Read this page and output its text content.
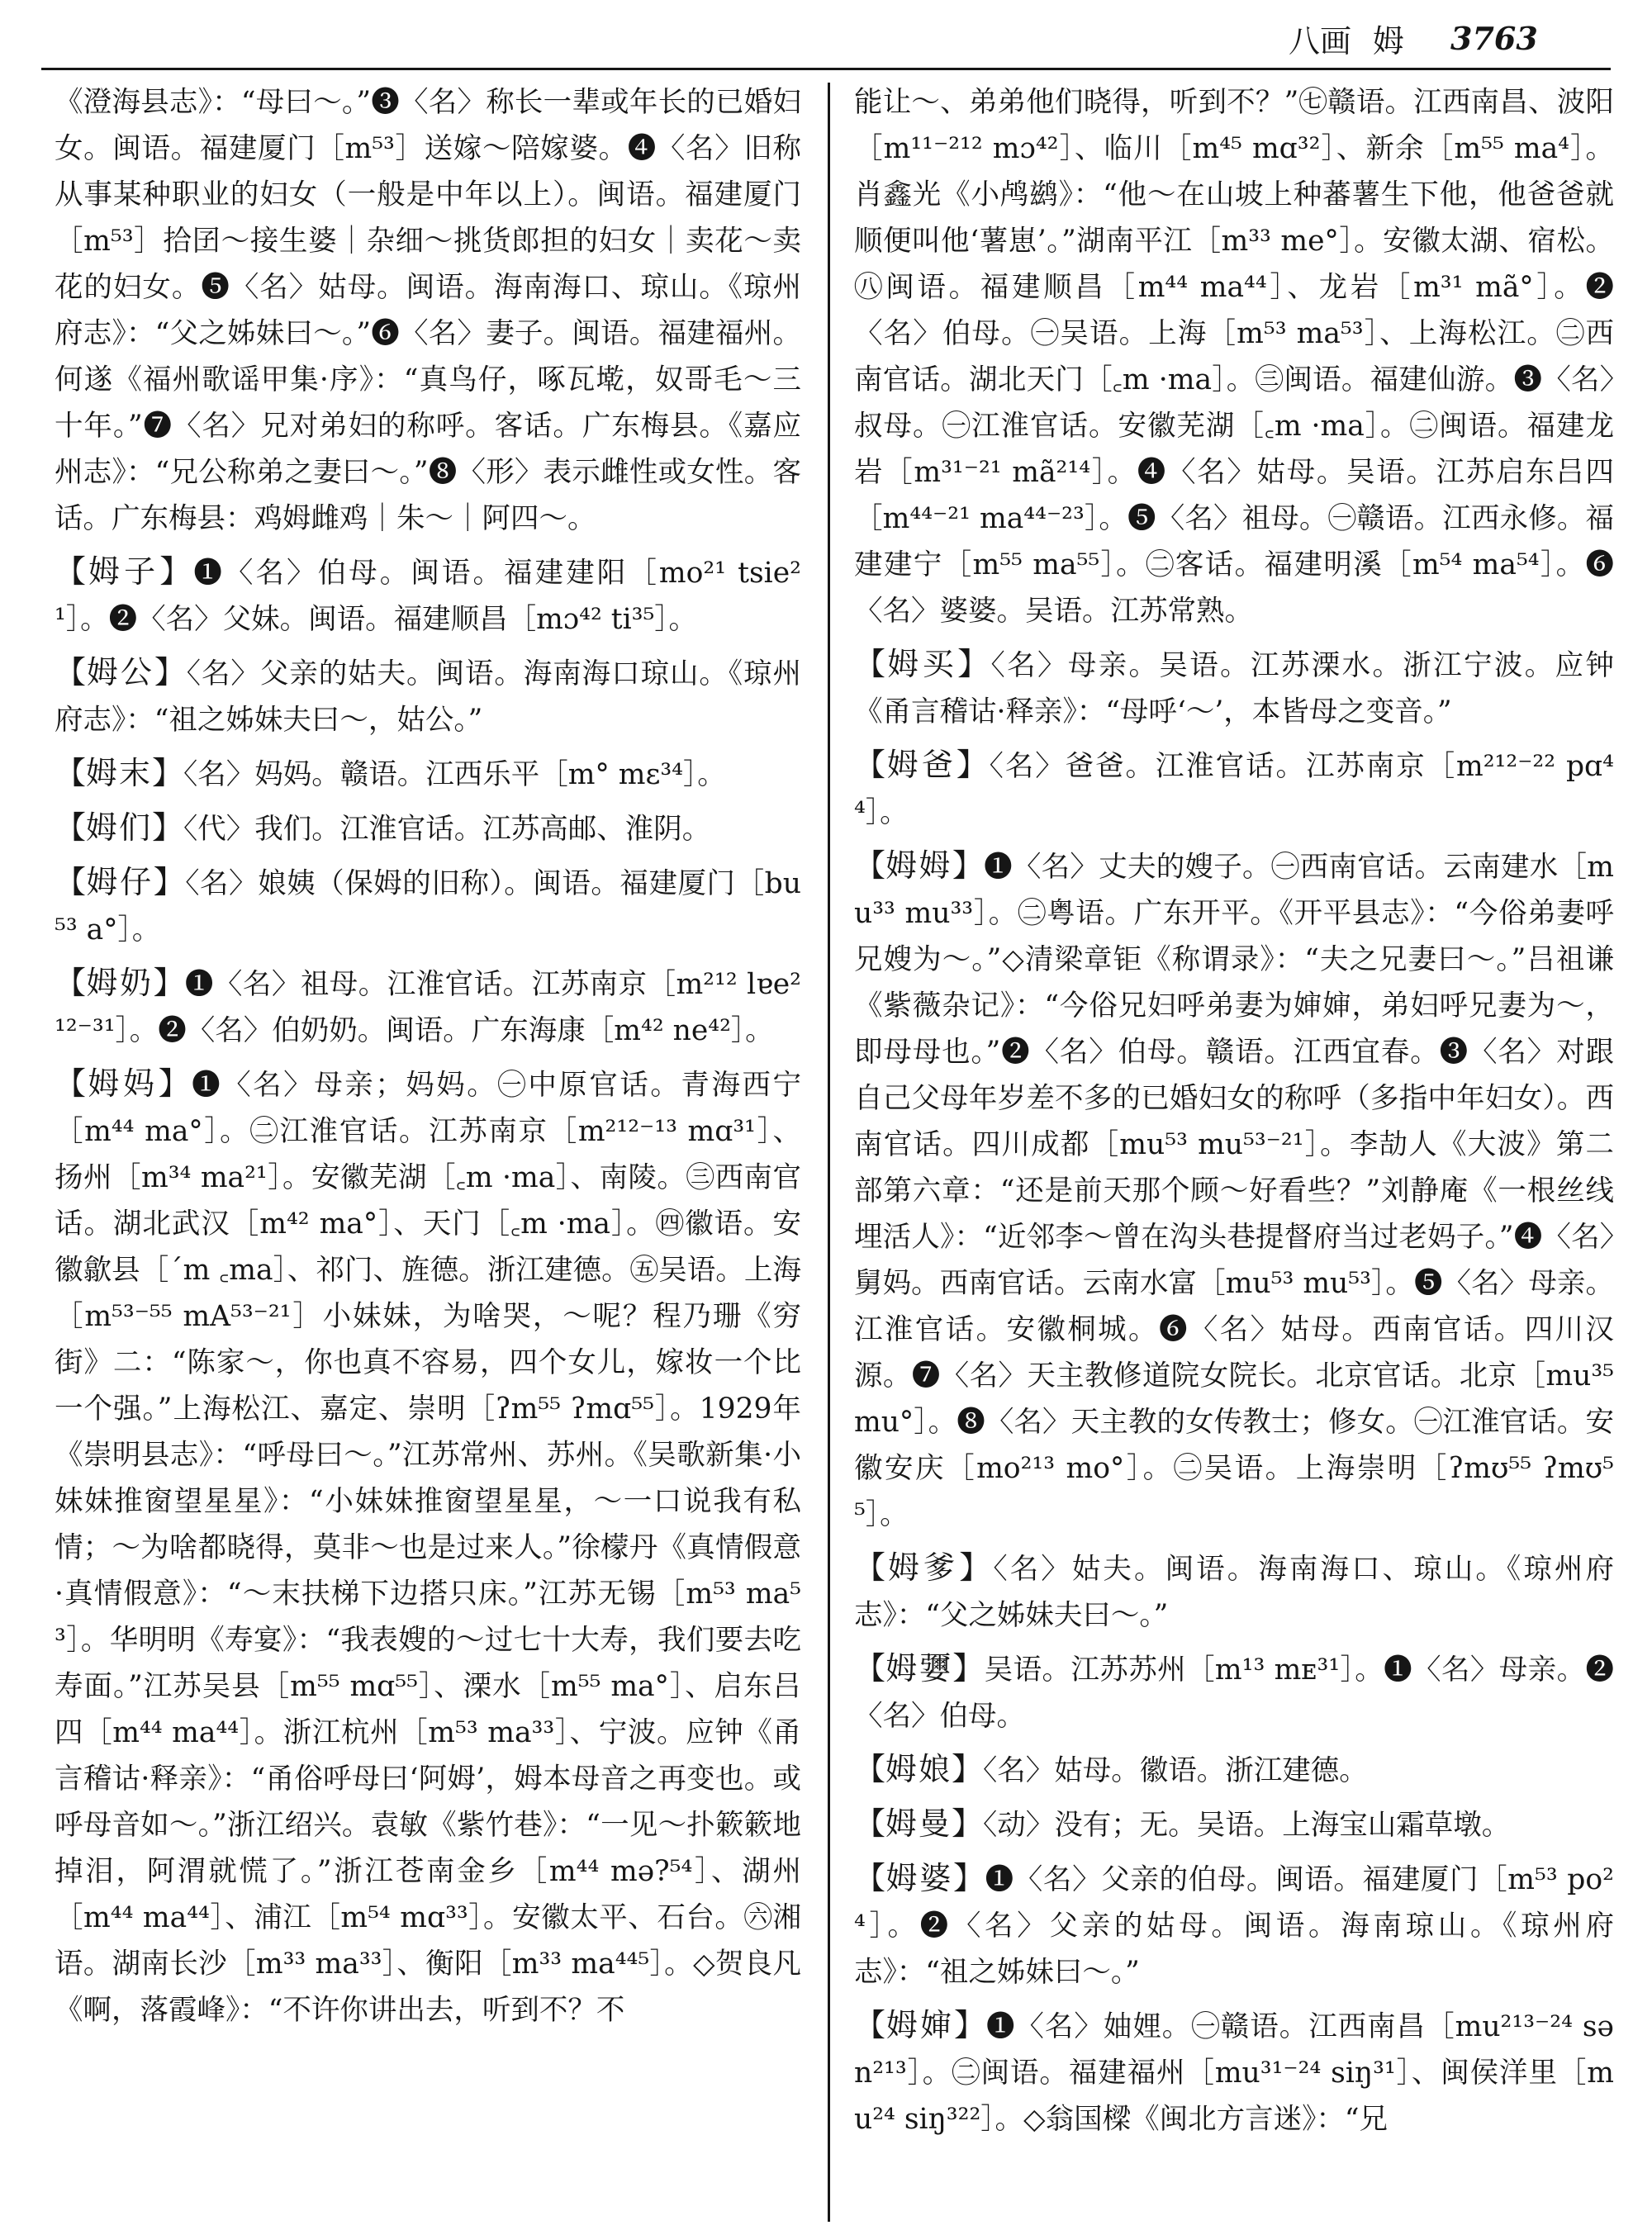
八画 姆 3763
《澄海县志》：“母曰～。”❸〈名〉称长一辈或年长的已婚妇女。闽语。福建厦门［m⁵³］送嫁～陪嫁婆。❹〈名〉旧称从事某种职业的妇女（一般是中年以上）。闽语。福建厦门［m⁵³］拾囝～接生婆｜杂细～挑货郎担的妇女｜卖花～卖花的妇女。❺〈名〉姑母。闽语。海南海口、琼山。《琼州府志》：“父之姊妹曰～。”❻〈名〉妻子。闽语。福建福州。何遂《福州歌谣甲集·序》：“真鸟仔，啄瓦墘，奴哥毛～三十年。”❼〈名〉兄对弟妇的称呼。客话。广东梅县。《嘉应州志》：“兄公称弟之妻曰～。”❽〈形〉表示雌性或女性。客话。广东梅县：鸡姆雌鸡｜朱～｜阿四～。
【姆子】❶〈名〉伯母。闽语。福建建阳［mo²¹ tsie²¹］。❷〈名〉父妹。闽语。福建顺昌［mɔ⁴² ti³⁵］。
【姆公】〈名〉父亲的姑夫。闽语。海南海口琼山。《琼州府志》：“祖之姊妹夫曰～，姑公。”
【姆末】〈名〉妈妈。赣语。江西乐平［m° mɛ³⁴］。
【姆们】〈代〉我们。江淮官话。江苏高邮、淮阴。
【姆仔】〈名〉娘姨（保姆的旧称）。闽语。福建厦门［bu⁵³ a°］。
【姆奶】❶〈名〉祖母。江淮官话。江苏南京［m²¹² lɐe²¹²⁻³¹］。❷〈名〉伯奶奶。闽语。广东海康［m⁴² ne⁴²］。
【姆妈】❶〈名〉母亲；妈妈。㊀中原官话。青海西宁［m⁴⁴ ma°］。㊁江淮官话。江苏南京［m²¹²⁻¹³ mɑ³¹］、扬州［m³⁴ ma²¹］。安徽芜湖［꜀m ·ma］、南陵。㊂西南官话。湖北武汉［m⁴² ma°］、天门［꜀m ·ma］。㊃徽语。安徽歙县［ˊm ꜀ma］、祁门、旌德。浙江建德。㊄吴语。上海［m⁵³⁻⁵⁵ mA⁵³⁻²¹］小妹妹，为啥哭，～呢？程乃珊《穷街》二：“陈家～，你也真不容易，四个女儿，嫁妆一个比一个强。”上海松江、嘉定、崇明［ʔm⁵⁵ ʔmɑ⁵⁵］。1929年《崇明县志》：“呼母曰～。”江苏常州、苏州。《吴歌新集·小妹妹推窗望星星》：“小妹妹推窗望星星，～一口说我有私情；～为啥都晓得，莫非～也是过来人。”徐檬丹《真情假意·真情假意》：“～末扶梯下边搭只床。”江苏无锡［m⁵³ ma⁵³］。华明明《寿宴》：“我表嫂的～过七十大寿，我们要去吃寿面。”江苏吴县［m⁵⁵ mɑ⁵⁵］、溧水［m⁵⁵ ma°］、启东吕四［m⁴⁴ ma⁴⁴］。浙江杭州［m⁵³ ma³³］、宁波。应钟《甬言稽诂·释亲》：“甬俗呼母曰‘阿姆’，姆本母音之再变也。或呼母音如～。”浙江绍兴。袁敏《紫竹巷》：“一见～扑簌簌地掉泪，阿渭就慌了。”浙江苍南金乡［m⁴⁴ mə?⁵⁴］、湖州［m⁴⁴ ma⁴⁴］、浦江［m⁵⁴ mɑ³³］。安徽太平、石台。㊅湘语。湖南长沙［m³³ ma³³］、衡阳［m³³ ma⁴⁴⁵］。◇贺良凡《啊，落霞峰》：“不许你讲出去，听到不？不
能让～、弟弟他们晓得，听到不？”㊆赣语。江西南昌、波阳［m¹¹⁻²¹² mɔ⁴²］、临川［m⁴⁵ mɑ³²］、新余［m⁵⁵ ma⁴］。肖鑫光《小鸬鹚》：“他～在山坡上种蕃薯生下他，他爸爸就顺便叫他‘薯崽’。”湖南平江［m³³ me°］。安徽太湖、宿松。㊇闽语。福建顺昌［m⁴⁴ ma⁴⁴］、龙岩［m³¹ mã°］。❷〈名〉伯母。㊀吴语。上海［m⁵³ ma⁵³］、上海松江。㊁西南官话。湖北天门［꜀m ·ma］。㊂闽语。福建仙游。❸〈名〉叔母。㊀江淮官话。安徽芜湖［꜀m ·ma］。㊁闽语。福建龙岩［m³¹⁻²¹ mã²¹⁴］。❹〈名〉姑母。吴语。江苏启东吕四［m⁴⁴⁻²¹ ma⁴⁴⁻²³］。❺〈名〉祖母。㊀赣语。江西永修。福建建宁［m⁵⁵ ma⁵⁵］。㊁客话。福建明溪［m⁵⁴ ma⁵⁴］。❻〈名〉婆婆。吴语。江苏常熟。
【姆买】〈名〉母亲。吴语。江苏溧水。浙江宁波。应钟《甬言稽诂·释亲》：“母呼‘～’，本皆母之变音。”
【姆爸】〈名〉爸爸。江淮官话。江苏南京［m²¹²⁻²² pɑ⁴⁴］。
【姆姆】❶〈名〉丈夫的嫂子。㊀西南官话。云南建水［mu³³ mu³³］。㊁粤语。广东开平。《开平县志》：“今俗弟妻呼兄嫂为～。”◇清梁章钜《称谓录》：“夫之兄妻曰～。”吕祖谦《紫薇杂记》：“今俗兄妇呼弟妻为婶婶，弟妇呼兄妻为～，即母母也。”❷〈名〉伯母。赣语。江西宜春。❸〈名〉对跟自己父母年岁差不多的已婚妇女的称呼（多指中年妇女）。西南官话。四川成都［mu⁵³ mu⁵³⁻²¹］。李劼人《大波》第二部第六章：“还是前天那个顾～好看些？”刘静庵《一根丝线埋活人》：“近邻李～曾在沟头巷提督府当过老妈子。”❹〈名〉舅妈。西南官话。云南水富［mu⁵³ mu⁵³］。❺〈名〉母亲。江淮官话。安徽桐城。❻〈名〉姑母。西南官话。四川汉源。❼〈名〉天主教修道院女院长。北京官话。北京［mu³⁵ mu°］。❽〈名〉天主教的女传教士；修女。㊀江淮官话。安徽安庆［mo²¹³ mo°］。㊁吴语。上海崇明［ʔmʊ⁵⁵ ʔmʊ⁵⁵］。
【姆爹】〈名〉姑夫。闽语。海南海口、琼山。《琼州府志》：“父之姊妹夫曰～。”
【姆㜷】吴语。江苏苏州［m¹³ mᴇ³¹］。❶〈名〉母亲。❷〈名〉伯母。
【姆娘】〈名〉姑母。徽语。浙江建德。
【姆曼】〈动〉没有；无。吴语。上海宝山霜草墩。
【姆婆】❶〈名〉父亲的伯母。闽语。福建厦门［m⁵³ po²⁴］。❷〈名〉父亲的姑母。闽语。海南琼山。《琼州府志》：“祖之姊妹曰～。”
【姆婶】❶〈名〉妯娌。㊀赣语。江西南昌［mu²¹³⁻²⁴ sən²¹³］。㊁闽语。福建福州［mu³¹⁻²⁴ siŋ³¹］、闽侯洋里［mu²⁴ siŋ³²²］。◇翁国樑《闽北方言迷》：“兄
